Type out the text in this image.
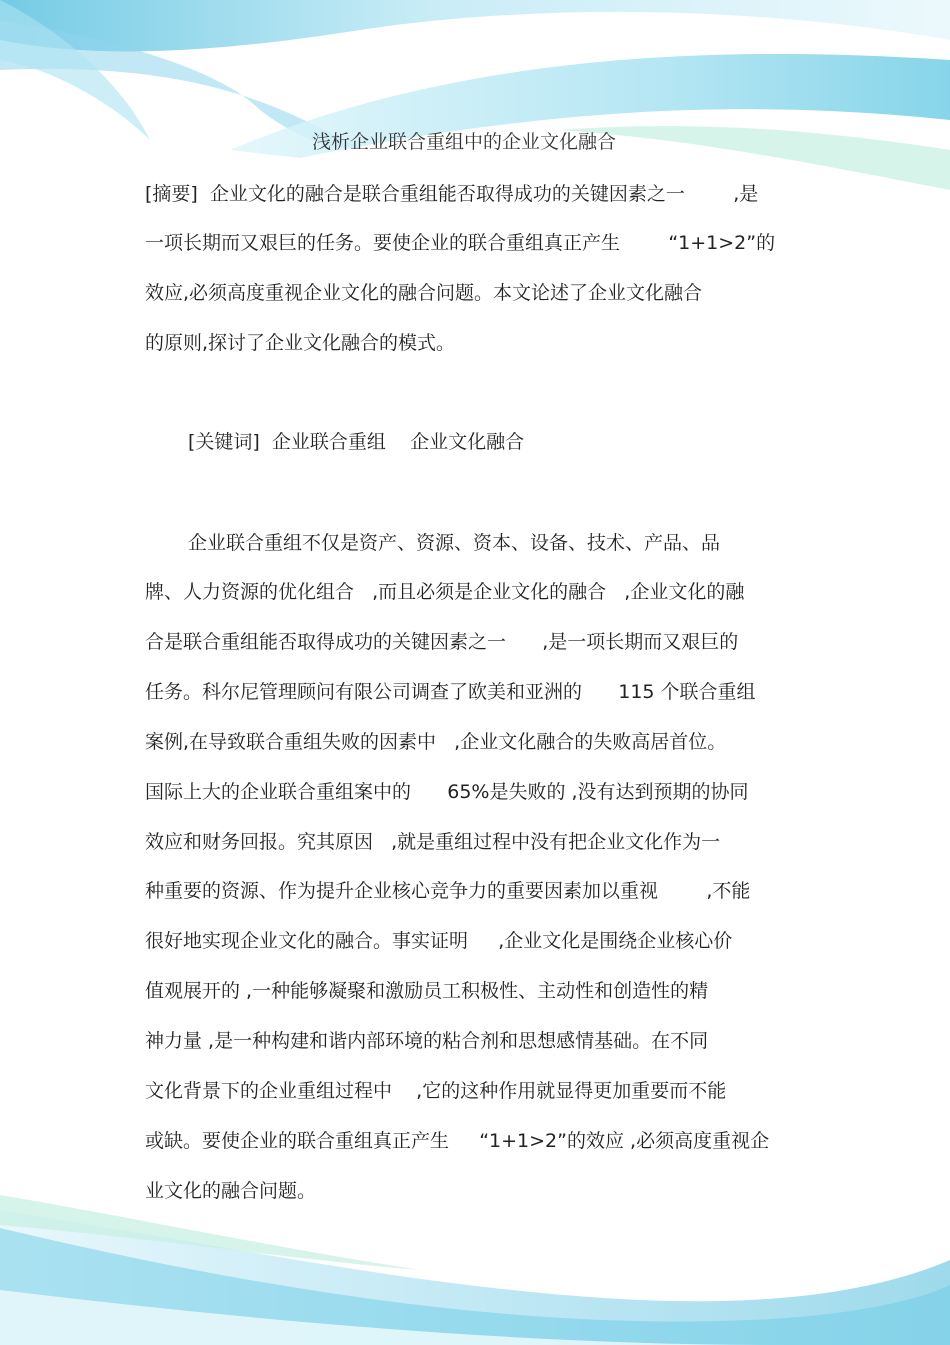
浅析企业联合重组中的企业文化融合
[摘要]  企业文化的融合是联合重组能否取得成功的关键因素之一        ,是
一项长期而又艰巨的任务。要使企业的联合重组真正产生        “1+1>2”的
效应,必须高度重视企业文化的融合问题。本文论述了企业文化融合
的原则,探讨了企业文化融合的模式。
[关键词]  企业联合重组    企业文化融合
企业联合重组不仅是资产、资源、资本、设备、技术、产品、品
牌、人力资源的优化组合   ,而且必须是企业文化的融合   ,企业文化的融
合是联合重组能否取得成功的关键因素之一      ,是一项长期而又艰巨的
任务。科尔尼管理顾问有限公司调查了欧美和亚洲的      115 个联合重组
案例,在导致联合重组失败的因素中   ,企业文化融合的失败高居首位。
国际上大的企业联合重组案中的      65%是失败的 ,没有达到预期的协同
效应和财务回报。究其原因   ,就是重组过程中没有把企业文化作为一
种重要的资源、作为提升企业核心竞争力的重要因素加以重视        ,不能
很好地实现企业文化的融合。事实证明     ,企业文化是围绕企业核心价
值观展开的 ,一种能够凝聚和激励员工积极性、主动性和创造性的精
神力量 ,是一种构建和谐内部环境的粘合剂和思想感情基础。在不同
文化背景下的企业重组过程中    ,它的这种作用就显得更加重要而不能
或缺。要使企业的联合重组真正产生     “1+1>2”的效应 ,必须高度重视企
业文化的融合问题。
